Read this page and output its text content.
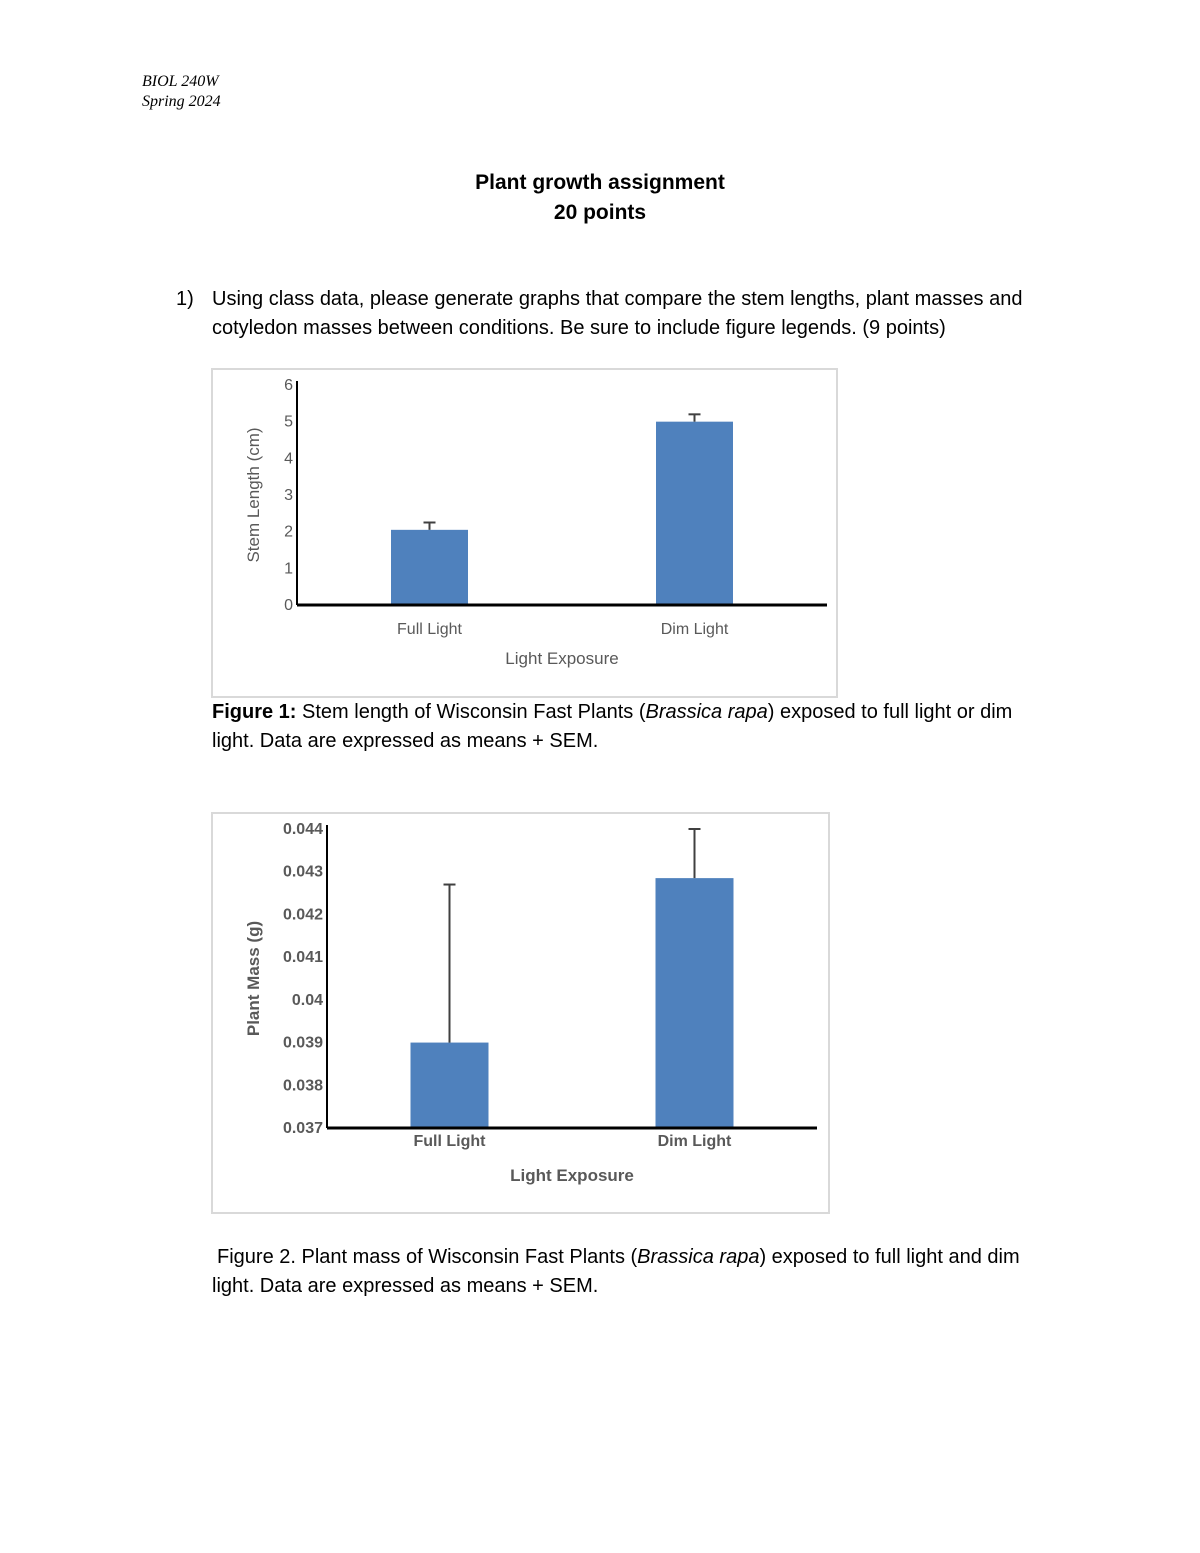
BIOL 240W
Spring 2024
Plant growth assignment
20 points
1) Using class data, please generate graphs that compare the stem lengths, plant masses and cotyledon masses between conditions. Be sure to include figure legends. (9 points)
0
1
2
3
4
5
6
Full Light	Dim Light
Light Exposure
Stem Length (cm)
Figure 1: Stem length of Wisconsin Fast Plants (Brassica rapa) exposed to full light or dim light. Data are expressed as means + SEM.
0.037
0.038
0.039
0.04
0.041
0.042
0.043
0.044
Full Light	Dim Light
Light Exposure
Plant Mass (g)
Figure 2. Plant mass of Wisconsin Fast Plants (Brassica rapa) exposed to full light and dim light. Data are expressed as means + SEM.
